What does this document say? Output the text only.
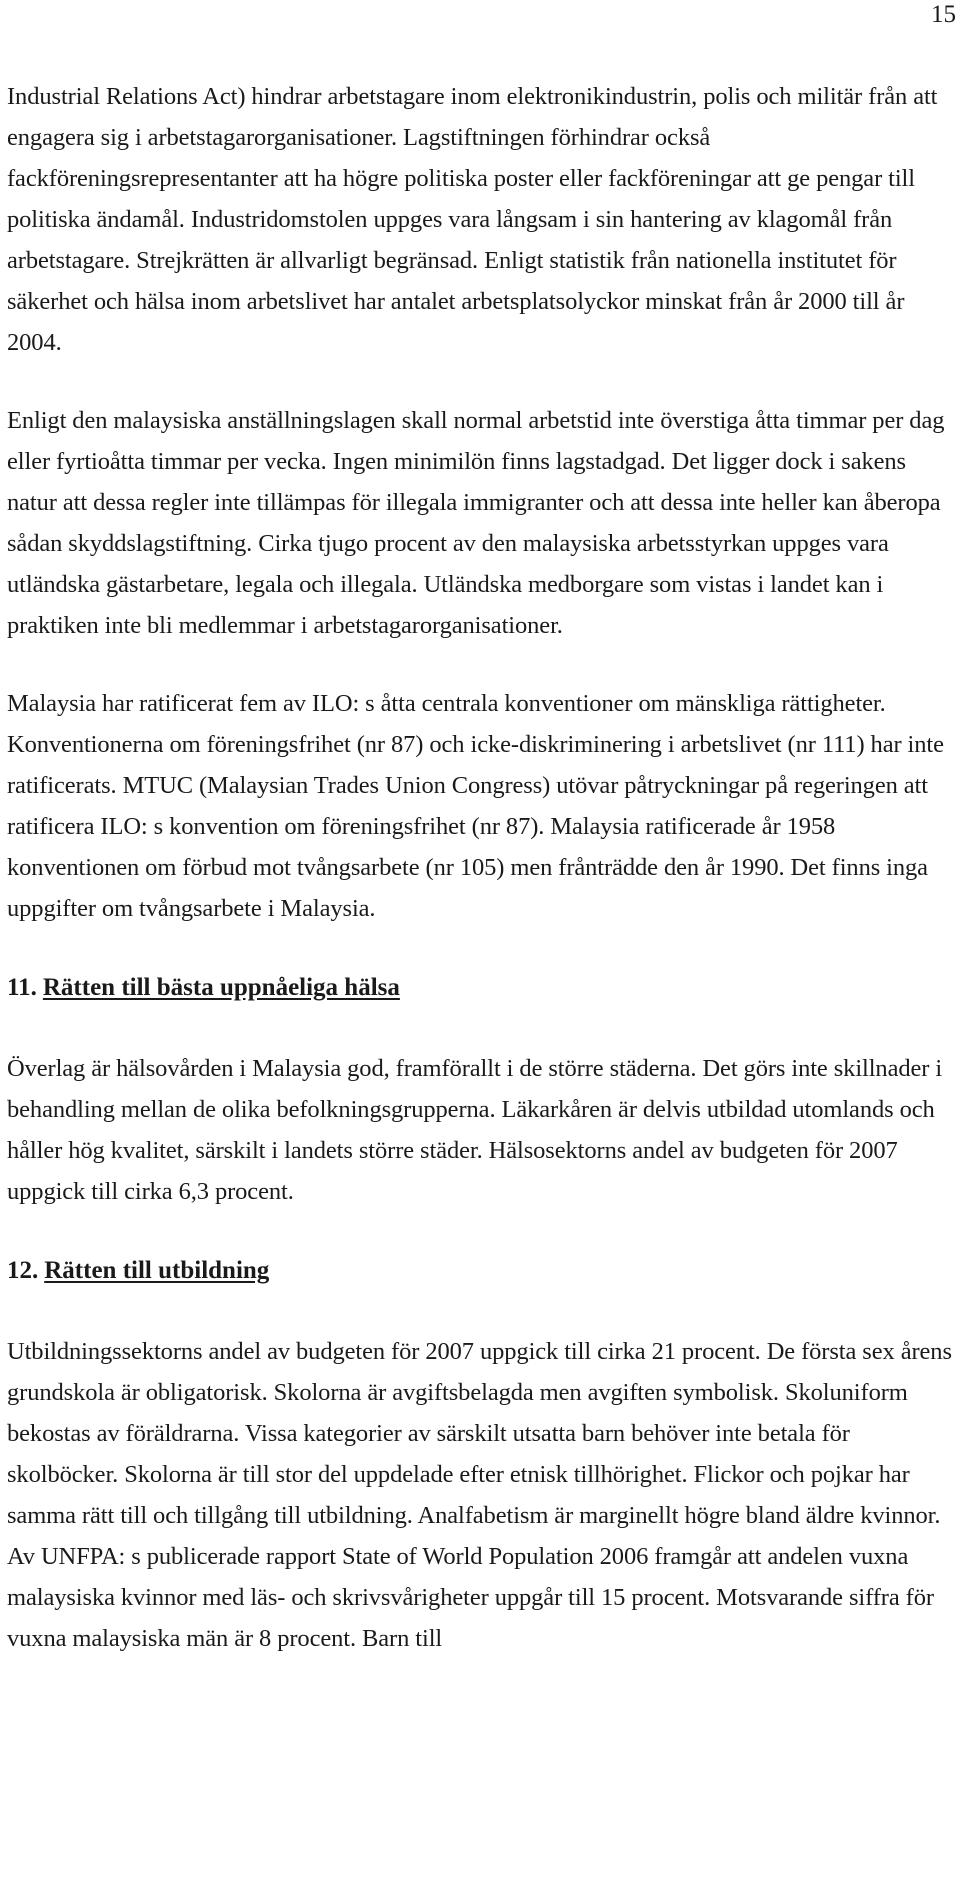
15

Industrial Relations Act) hindrar arbetstagare inom elektronikindustrin, polis och militär från att engagera sig i arbetstagarorganisationer. Lagstiftningen förhindrar också fackföreningsrepresentanter att ha högre politiska poster eller fackföreningar att ge pengar till politiska ändamål. Industridomstolen uppges vara långsam i sin hantering av klagomål från arbetstagare. Strejkrätten är allvarligt begränsad. Enligt statistik från nationella institutet för säkerhet och hälsa inom arbetslivet har antalet arbetsplatsolyckor minskat från år 2000 till år 2004.

Enligt den malaysiska anställningslagen skall normal arbetstid inte överstiga åtta timmar per dag eller fyrtioåtta timmar per vecka. Ingen minimilön finns lagstadgad. Det ligger dock i sakens natur att dessa regler inte tillämpas för illegala immigranter och att dessa inte heller kan åberopa sådan skyddslagstiftning. Cirka tjugo procent av den malaysiska arbetsstyrkan uppges vara utländska gästarbetare, legala och illegala. Utländska medborgare som vistas i landet kan i praktiken inte bli medlemmar i arbetstagarorganisationer.

Malaysia har ratificerat fem av ILO: s åtta centrala konventioner om mänskliga rättigheter. Konventionerna om föreningsfrihet (nr 87) och icke-diskriminering i arbetslivet (nr 111) har inte ratificerats. MTUC (Malaysian Trades Union Congress) utövar påtryckningar på regeringen att ratificera ILO: s konvention om föreningsfrihet (nr 87). Malaysia ratificerade år 1958 konventionen om förbud mot tvångsarbete (nr 105) men frånträdde den år 1990. Det finns inga uppgifter om tvångsarbete i Malaysia.

11. Rätten till bästa uppnåeliga hälsa

Överlag är hälsovården i Malaysia god, framförallt i de större städerna. Det görs inte skillnader i behandling mellan de olika befolkningsgrupperna. Läkarkåren är delvis utbildad utomlands och håller hög kvalitet, särskilt i landets större städer. Hälsosektorns andel av budgeten för 2007 uppgick till cirka 6,3 procent.

12. Rätten till utbildning

Utbildningssektorns andel av budgeten för 2007 uppgick till cirka 21 procent. De första sex årens grundskola är obligatorisk. Skolorna är avgiftsbelagda men avgiften symbolisk. Skoluniform bekostas av föräldrarna. Vissa kategorier av särskilt utsatta barn behöver inte betala för skolböcker. Skolorna är till stor del uppdelade efter etnisk tillhörighet. Flickor och pojkar har samma rätt till och tillgång till utbildning. Analfabetism är marginellt högre bland äldre kvinnor. Av UNFPA: s publicerade rapport State of World Population 2006 framgår att andelen vuxna malaysiska kvinnor med läs- och skrivsvårigheter uppgår till 15 procent. Motsvarande siffra för vuxna malaysiska män är 8 procent. Barn till
